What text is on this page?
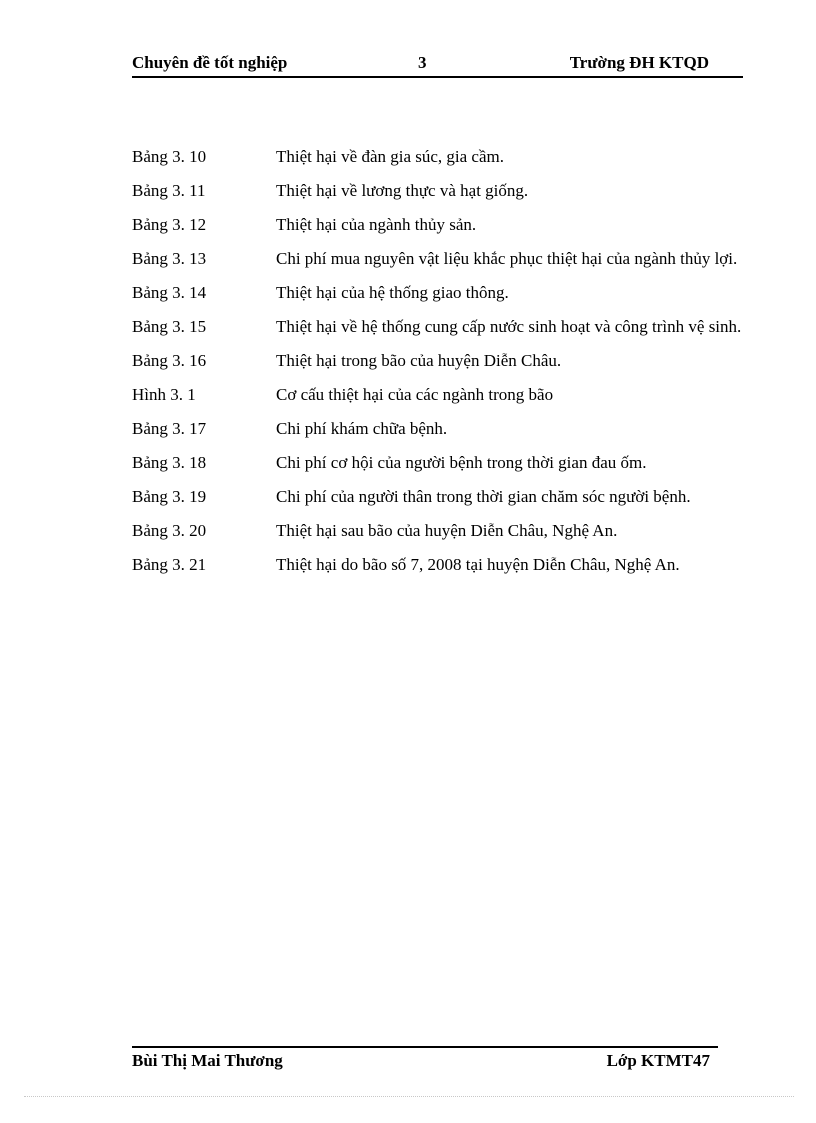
Chuyên đề tốt nghiệp	3	Trường ĐH KTQD
Bảng 3. 10	Thiệt hại về đàn gia súc, gia cầm.
Bảng 3. 11	Thiệt hại về lương thực và hạt giống.
Bảng 3. 12	Thiệt hại của ngành thủy sản.
Bảng 3. 13	Chi phí mua nguyên vật liệu khắc phục thiệt hại của ngành thủy lợi.
Bảng 3. 14	Thiệt hại của hệ thống giao thông.
Bảng 3. 15	Thiệt hại về hệ thống cung cấp nước sinh hoạt và công trình vệ sinh.
Bảng 3. 16	Thiệt hại trong bão của huyện Diễn Châu.
Hình 3. 1	Cơ cấu thiệt hại của các ngành trong bão
Bảng 3. 17	Chi phí khám chữa bệnh.
Bảng 3. 18	Chi phí cơ hội của người bệnh trong thời gian đau ốm.
Bảng 3. 19	Chi phí của người thân trong thời gian chăm sóc người bệnh.
Bảng 3. 20	Thiệt hại sau bão của huyện Diễn Châu, Nghệ An.
Bảng 3. 21	Thiệt hại do bão số 7, 2008 tại huyện Diễn Châu, Nghệ An.
Bùi Thị Mai Thương	Lớp KTMT47
